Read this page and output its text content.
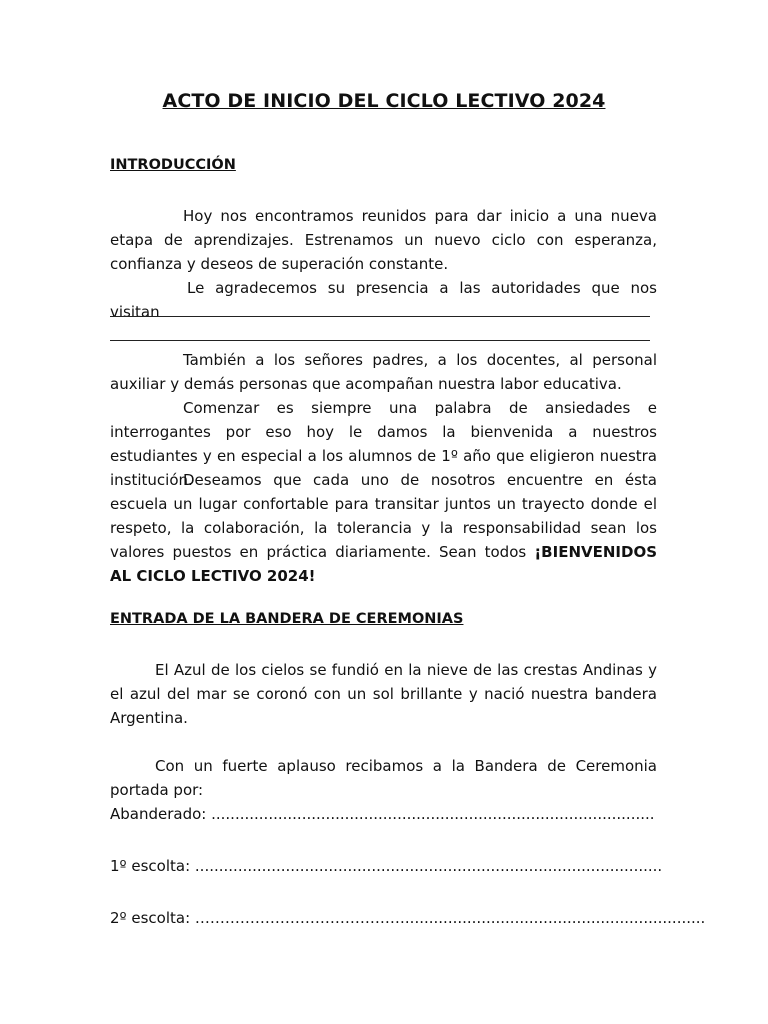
ACTO DE INICIO DEL CICLO LECTIVO 2024
INTRODUCCIÓN
Hoy nos encontramos reunidos para dar inicio a una nueva etapa de aprendizajes. Estrenamos un nuevo ciclo con esperanza, confianza y deseos de superación constante.
Le agradecemos su presencia a las autoridades que nos visitan
También a los señores padres, a los docentes, al personal auxiliar y demás personas que acompañan nuestra labor educativa.
Comenzar es siempre una palabra de ansiedades e interrogantes por eso hoy le damos la bienvenida a nuestros estudiantes y en especial a los alumnos de 1º año que eligieron nuestra institución.
Deseamos que cada uno de nosotros encuentre en ésta escuela un lugar confortable para transitar juntos un trayecto donde el respeto, la colaboración, la tolerancia y la responsabilidad sean los valores puestos en práctica diariamente. Sean todos ¡BIENVENIDOS AL CICLO LECTIVO 2024!
ENTRADA DE LA BANDERA DE CEREMONIAS
El Azul de los cielos se fundió en la nieve de las crestas Andinas y el azul del mar se coronó con un sol brillante y nació nuestra bandera Argentina.
Con un fuerte aplauso recibamos a la Bandera de Ceremonia portada por:
Abanderado: .............................................................................................
1º escolta: ..................................................................................................
2º escolta: ……………………………………...............................................................
